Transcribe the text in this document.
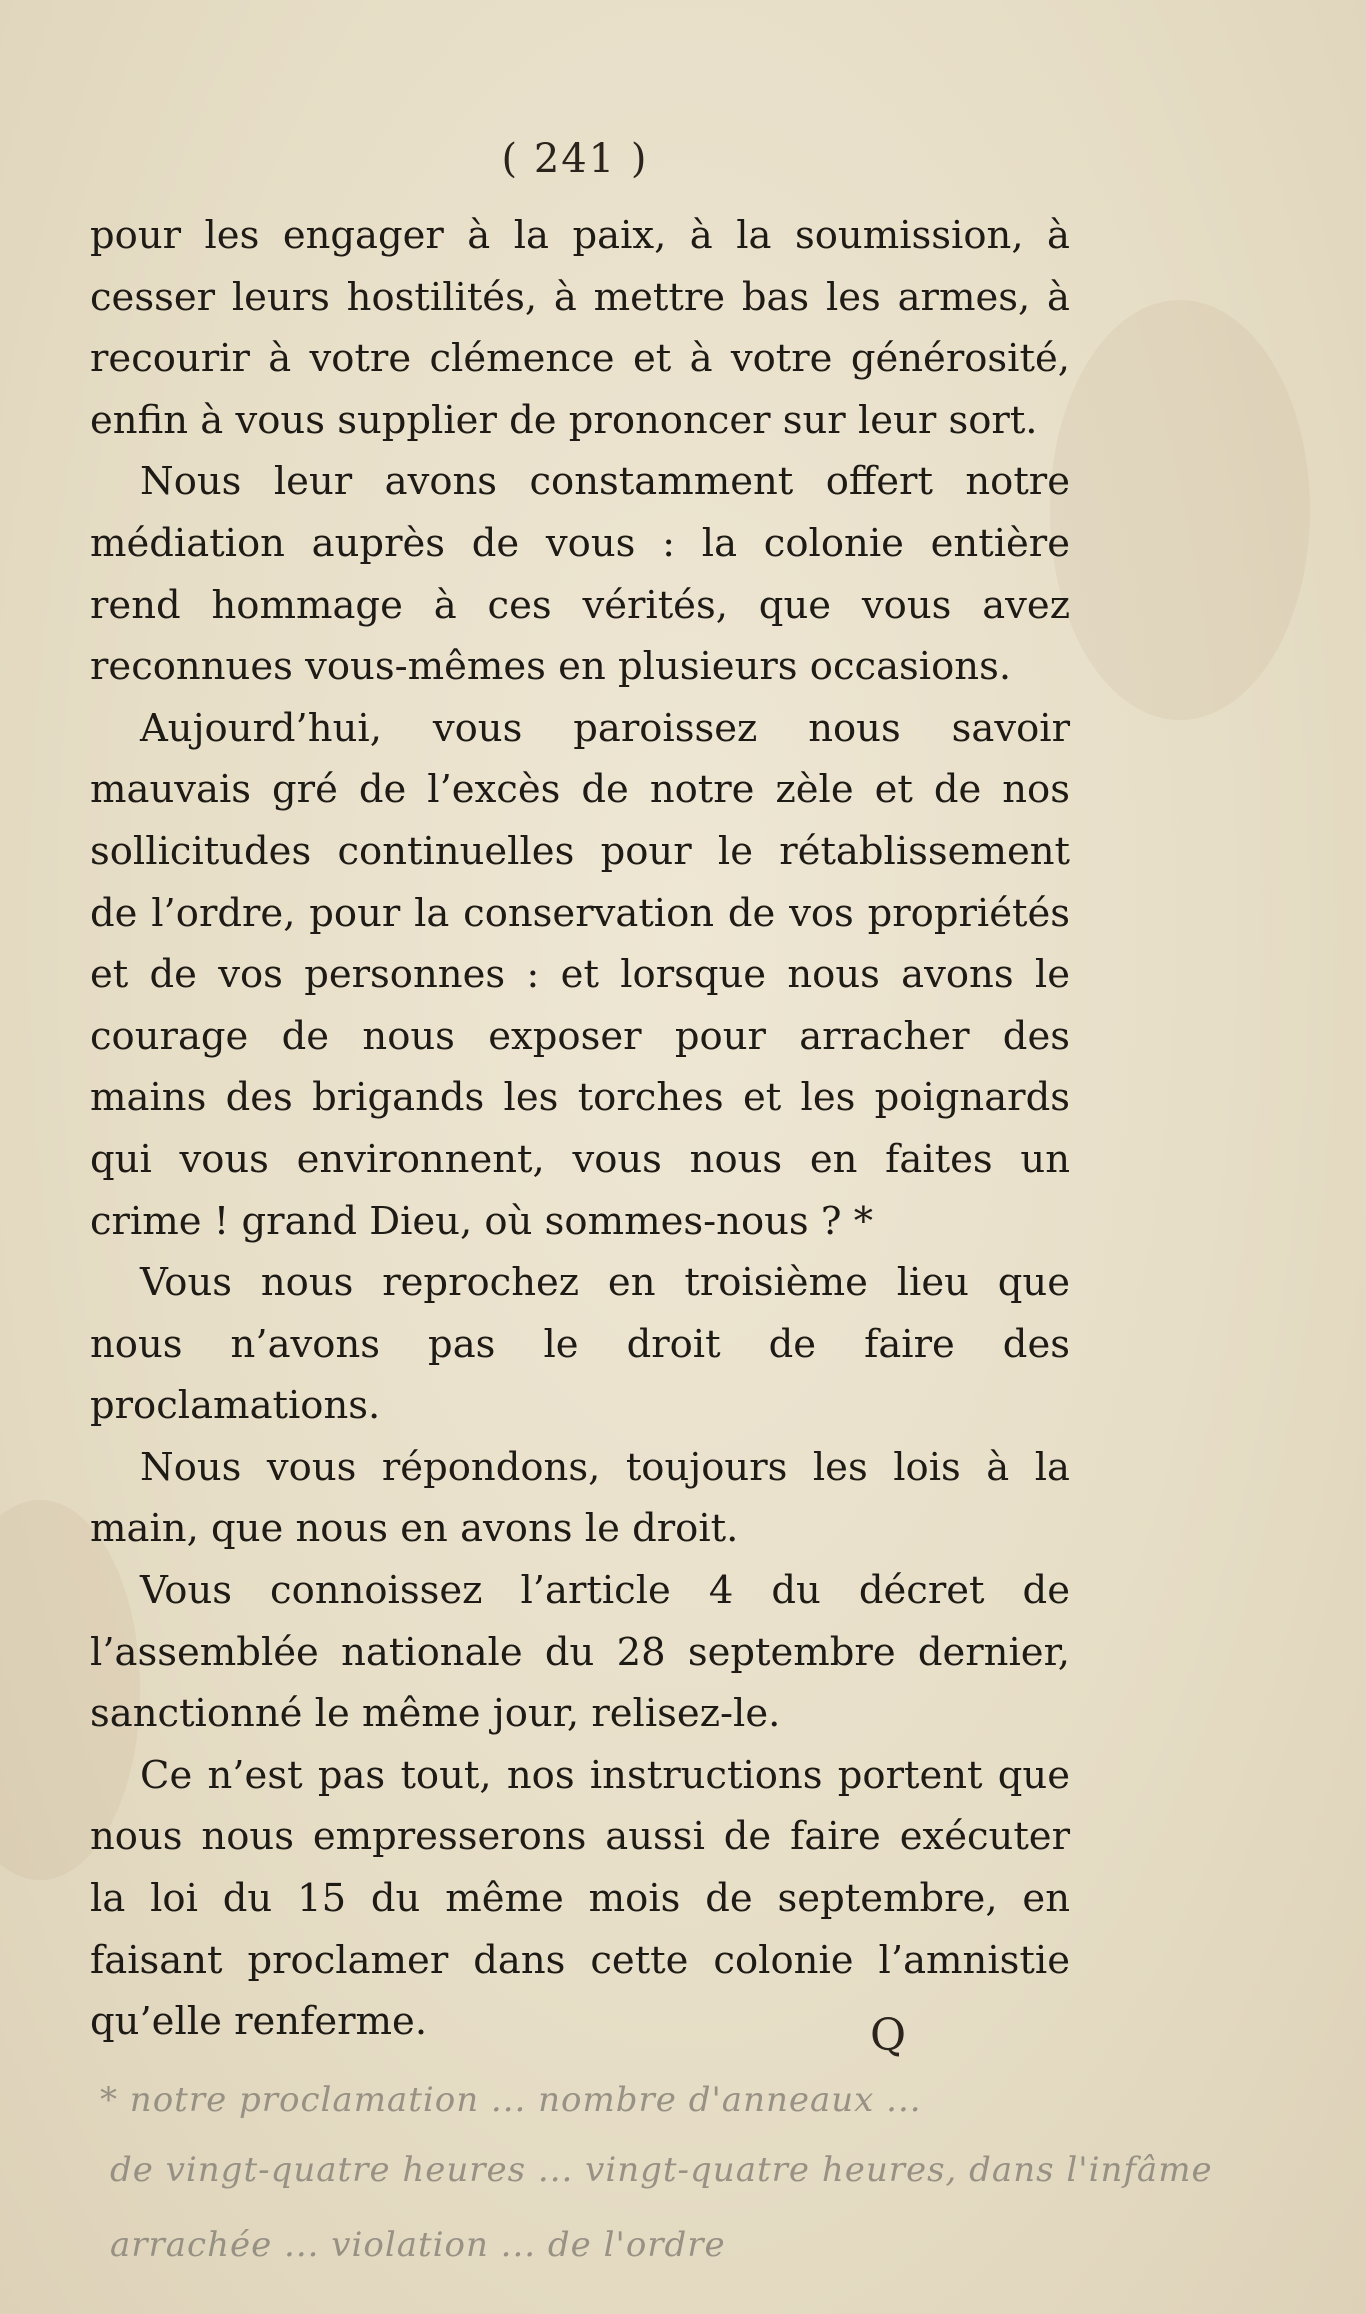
( 241 )

pour les engager à la paix, à la soumission, à cesser leurs hostilités, à mettre bas les armes, à recourir à votre clémence et à votre générosité, enfin à vous supplier de prononcer sur leur sort.

Nous leur avons constamment offert notre médiation auprès de vous : la colonie entière rend hommage à ces vérités, que vous avez reconnues vous-mêmes en plusieurs occasions.

Aujourd’hui, vous paroissez nous savoir mauvais gré de l’excès de notre zèle et de nos sollicitudes continuelles pour le rétablissement de l’ordre, pour la conservation de vos propriétés et de vos personnes : et lorsque nous avons le courage de nous exposer pour arracher des mains des brigands les torches et les poignards qui vous environnent, vous nous en faites un crime ! grand Dieu, où sommes-nous ? *

Vous nous reprochez en troisième lieu que nous n’avons pas le droit de faire des proclamations.

Nous vous répondons, toujours les lois à la main, que nous en avons le droit.

Vous connoissez l’article 4 du décret de l’assemblée nationale du 28 septembre dernier, sanctionné le même jour, relisez-le.

Ce n’est pas tout, nos instructions portent que nous nous empresserons aussi de faire exécuter la loi du 15 du même mois de septembre, en faisant proclamer dans cette colonie l’amnistie qu’elle renferme.	Q
* notre proclamation ... nombre d'anneaux ...
de vingt-quatre heures ... vingt-quatre heures, dans l'infâme
arrachée ... violation ... de l'ordre
